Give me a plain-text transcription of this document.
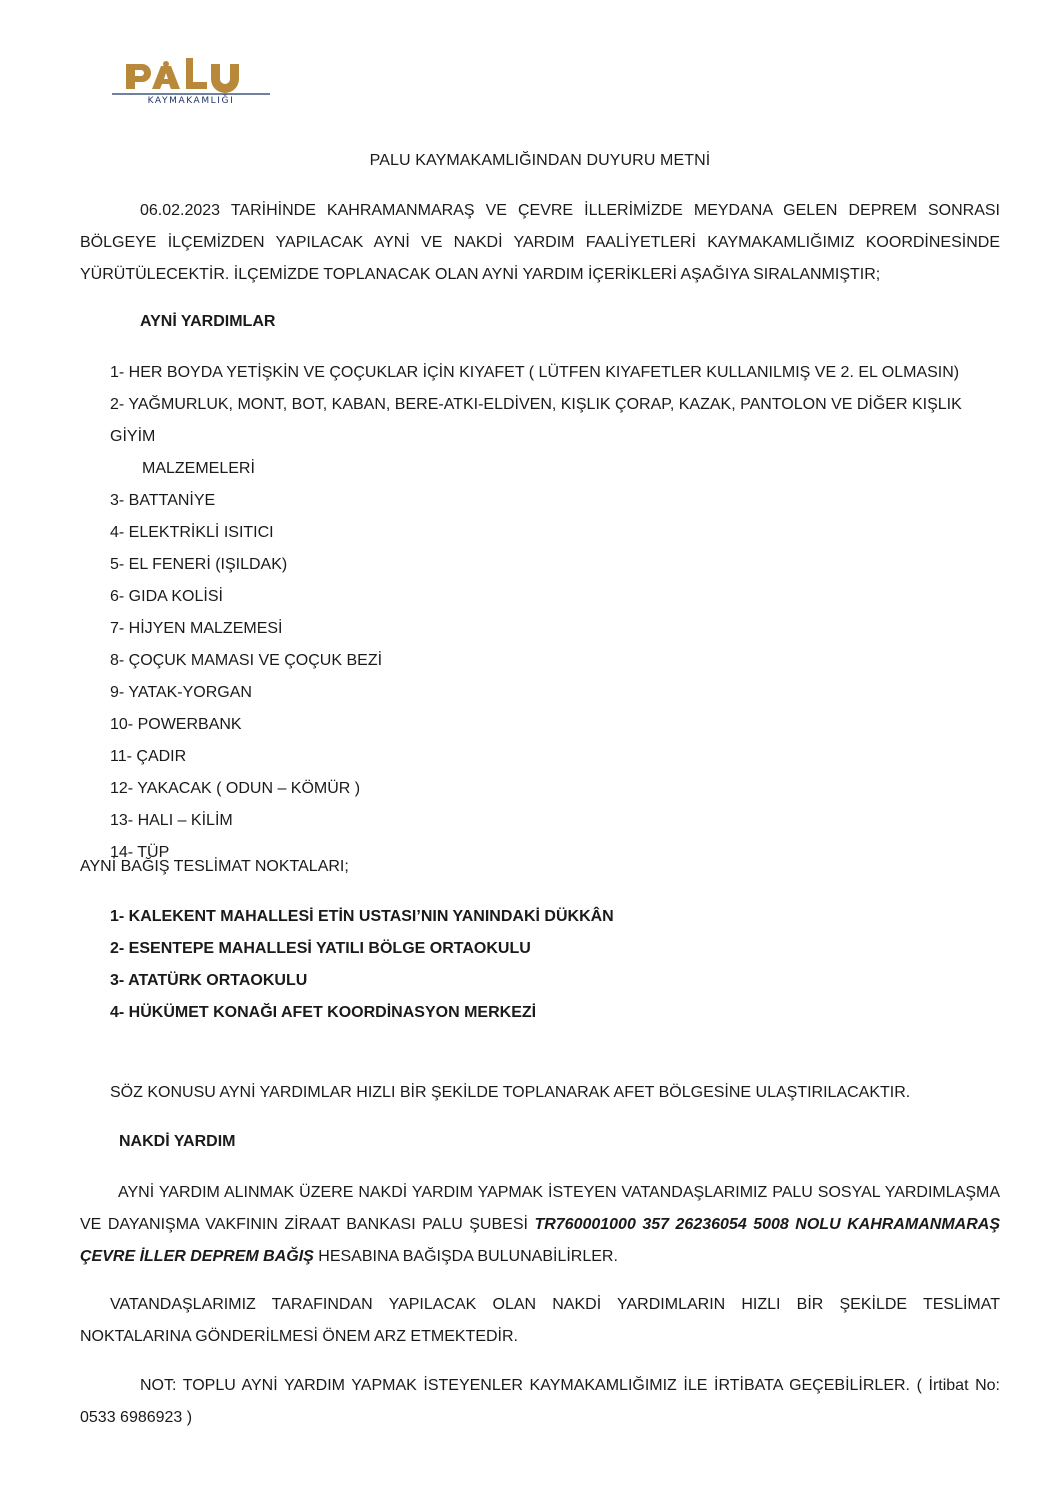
KAYMAKAMLIĞI
PALU KAYMAKAMLIĞINDAN DUYURU METNİ

06.02.2023 TARİHİNDE KAHRAMANMARAŞ VE ÇEVRE İLLERİMİZDE MEYDANA GELEN DEPREM SONRASI BÖLGEYE İLÇEMİZDEN YAPILACAK AYNİ VE NAKDİ YARDIM FAALİYETLERİ KAYMAKAMLIĞIMIZ KOORDİNESİNDE YÜRÜTÜLECEKTİR. İLÇEMİZDE TOPLANACAK OLAN AYNİ YARDIM İÇERİKLERİ AŞAĞIYA SIRALANMIŞTIR;

AYNİ YARDIMLAR
1- HER BOYDA YETİŞKİN VE ÇOÇUKLAR İÇİN KIYAFET ( LÜTFEN KIYAFETLER KULLANILMIŞ VE 2. EL OLMASIN)
2- YAĞMURLUK, MONT, BOT, KABAN, BERE-ATKI-ELDİVEN, KIŞLIK ÇORAP, KAZAK, PANTOLON VE DİĞER KIŞLIK GİYİM
MALZEMELERİ
3- BATTANİYE
4- ELEKTRİKLİ ISITICI
5- EL FENERİ (IŞILDAK)
6- GIDA KOLİSİ
7- HİJYEN MALZEMESİ
8- ÇOÇUK MAMASI VE ÇOÇUK BEZİ
9- YATAK-YORGAN
10- POWERBANK
11- ÇADIR
12- YAKACAK ( ODUN – KÖMÜR )
13- HALI – KİLİM
14- TÜP
AYNİ BAĞIŞ TESLİMAT NOKTALARI;
1- KALEKENT MAHALLESİ ETİN USTASI’NIN YANINDAKİ DÜKKÂN
2- ESENTEPE MAHALLESİ YATILI BÖLGE ORTAOKULU
3- ATATÜRK ORTAOKULU
4- HÜKÜMET KONAĞI AFET KOORDİNASYON MERKEZİ
SÖZ KONUSU AYNİ YARDIMLAR HIZLI BİR ŞEKİLDE TOPLANARAK AFET BÖLGESİNE ULAŞTIRILACAKTIR.
NAKDİ YARDIM

AYNİ YARDIM ALINMAK ÜZERE NAKDİ YARDIM YAPMAK İSTEYEN VATANDAŞLARIMIZ PALU SOSYAL YARDIMLAŞMA VE DAYANIŞMA VAKFININ ZİRAAT BANKASI PALU ŞUBESİ TR760001000 357 26236054 5008 NOLU KAHRAMANMARAŞ ÇEVRE İLLER DEPREM BAĞIŞ HESABINA BAĞIŞDA BULUNABİLİRLER.

VATANDAŞLARIMIZ TARAFINDAN YAPILACAK OLAN NAKDİ YARDIMLARIN HIZLI BİR ŞEKİLDE TESLİMAT NOKTALARINA GÖNDERİLMESİ ÖNEM ARZ ETMEKTEDİR.

NOT: TOPLU AYNİ YARDIM YAPMAK İSTEYENLER KAYMAKAMLIĞIMIZ İLE İRTİBATA GEÇEBİLİRLER. ( İrtibat No: 0533 6986923 )
